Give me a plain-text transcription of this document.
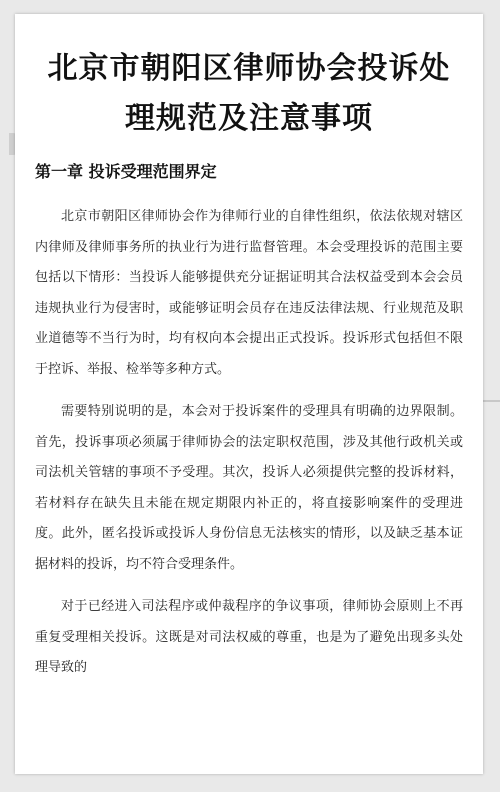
北京市朝阳区律师协会投诉处
理规范及注意事项
第一章 投诉受理范围界定

北京市朝阳区律师协会作为律师行业的自律性组织，依法依规对辖区内律师及律师事务所的执业行为进行监督管理。本会受理投诉的范围主要包括以下情形：当投诉人能够提供充分证据证明其合法权益受到本会会员违规执业行为侵害时，或能够证明会员存在违反法律法规、行业规范及职业道德等不当行为时，均有权向本会提出正式投诉。投诉形式包括但不限于控诉、举报、检举等多种方式。

需要特别说明的是，本会对于投诉案件的受理具有明确的边界限制。首先，投诉事项必须属于律师协会的法定职权范围，涉及其他行政机关或司法机关管辖的事项不予受理。其次，投诉人必须提供完整的投诉材料，若材料存在缺失且未能在规定期限内补正的，将直接影响案件的受理进度。此外，匿名投诉或投诉人身份信息无法核实的情形，以及缺乏基本证据材料的投诉，均不符合受理条件。

对于已经进入司法程序或仲裁程序的争议事项，律师协会原则上不再重复受理相关投诉。这既是对司法权威的尊重，也是为了避免出现多头处理导致的
